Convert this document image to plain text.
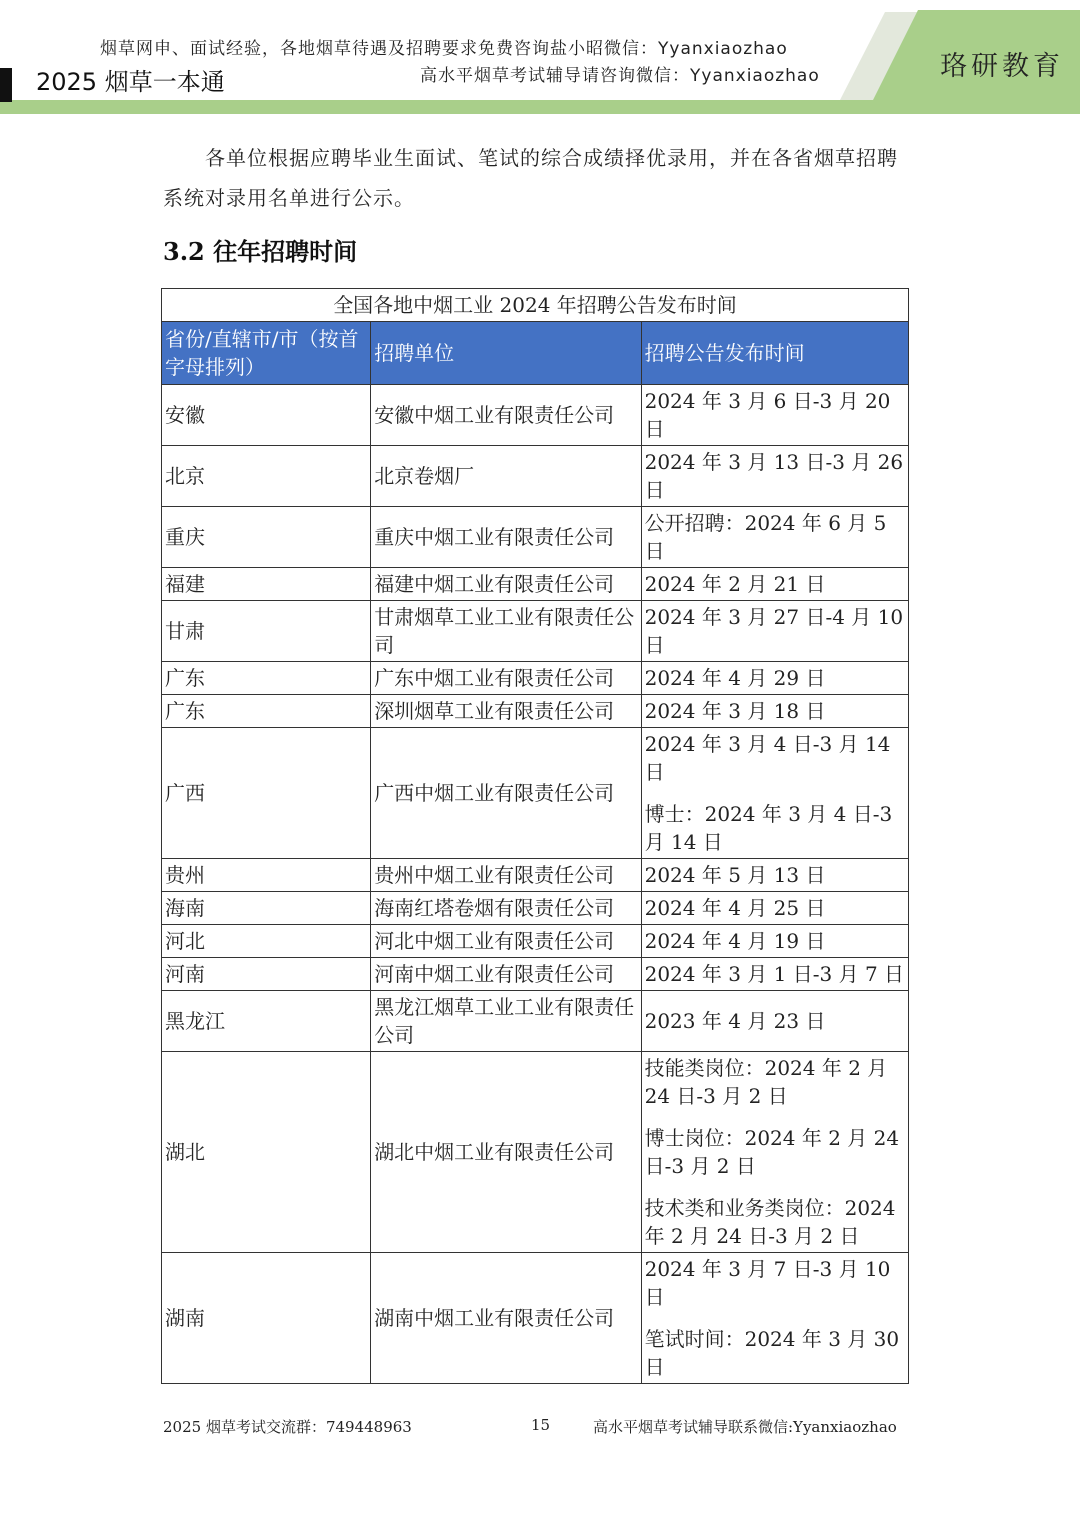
烟草网申、面试经验，各地烟草待遇及招聘要求免费咨询盐小昭微信：Yyanxiaozhao
高水平烟草考试辅导请咨询微信：Yyanxiaozhao
2025 烟草一本通	珞研教育
各单位根据应聘毕业生面试、笔试的综合成绩择优录用，并在各省烟草招聘
系统对录用名单进行公示。
3.2 往年招聘时间
全国各地中烟工业 2024 年招聘公告发布时间		
省份/直辖市/市（按首字母排列）	招聘单位	招聘公告发布时间
安徽	安徽中烟工业有限责任公司	2024 年 3 月 6 日-3 月 20 日

北京	北京卷烟厂	2024 年 3 月 13 日-3 月 26 日

重庆	重庆中烟工业有限责任公司	公开招聘：2024 年 6 月 5 日

福建	福建中烟工业有限责任公司	2024 年 2 月 21 日

甘肃	甘肃烟草工业工业有限责任公司	2024 年 3 月 27 日-4 月 10 日

广东	广东中烟工业有限责任公司	2024 年 4 月 29 日

广东	深圳烟草工业有限责任公司	2024 年 3 月 18 日

广西	广西中烟工业有限责任公司	2024 年 3 月 4 日-3 月 14 日
博士：2024 年 3 月 4 日-3 月 14 日

贵州	贵州中烟工业有限责任公司	2024 年 5 月 13 日

海南	海南红塔卷烟有限责任公司	2024 年 4 月 25 日

河北	河北中烟工业有限责任公司	2024 年 4 月 19 日

河南	河南中烟工业有限责任公司	2024 年 3 月 1 日-3 月 7 日

黑龙江	黑龙江烟草工业工业有限责任公司	2023 年 4 月 23 日

湖北	湖北中烟工业有限责任公司	技能类岗位：2024 年 2 月 24 日-3 月 2 日
博士岗位：2024 年 2 月 24 日-3 月 2 日
技术类和业务类岗位：2024 年 2 月 24 日-3 月 2 日

湖南	湖南中烟工业有限责任公司	2024 年 3 月 7 日-3 月 10 日
笔试时间：2024 年 3 月 30 日
2025 烟草考试交流群：749448963	15	高水平烟草考试辅导联系微信:Yyanxiaozhao
